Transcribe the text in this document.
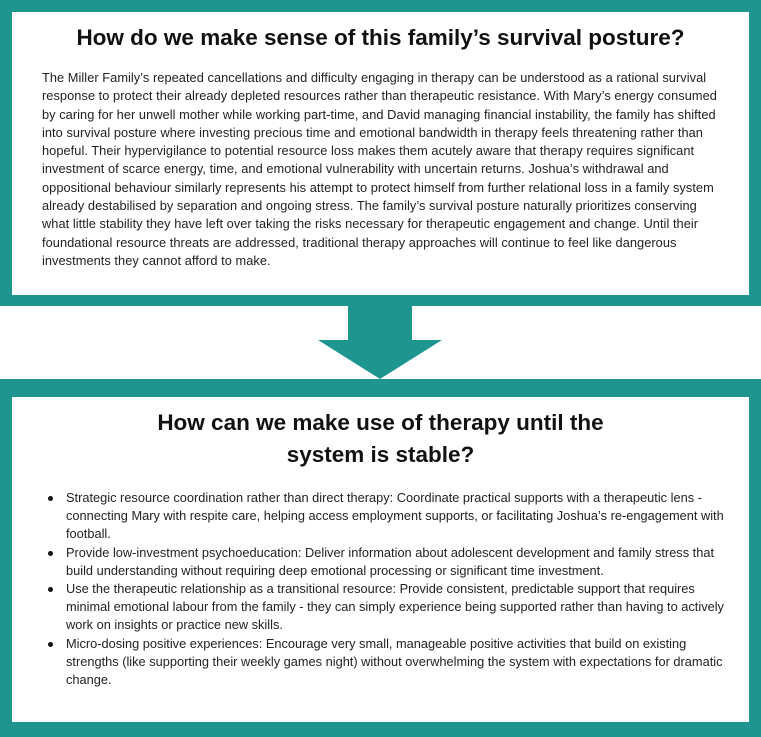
How do we make sense of this family’s survival posture?

The Miller Family’s repeated cancellations and difficulty engaging in therapy can be understood as a rational survival response to protect their already depleted resources rather than therapeutic resistance. With Mary’s energy consumed by caring for her unwell mother while working part-time, and David managing financial instability, the family has shifted into survival posture where investing precious time and emotional bandwidth in therapy feels threatening rather than hopeful. Their hypervigilance to potential resource loss makes them acutely aware that therapy requires significant investment of scarce energy, time, and emotional vulnerability with uncertain returns. Joshua’s withdrawal and oppositional behaviour similarly represents his attempt to protect himself from further relational loss in a family system already destabilised by separation and ongoing stress. The family’s survival posture naturally prioritizes conserving what little stability they have left over taking the risks necessary for therapeutic engagement and change. Until their foundational resource threats are addressed, traditional therapy approaches will continue to feel like dangerous investments they cannot afford to make.

How can we make use of therapy until the
system is stable?
Strategic resource coordination rather than direct therapy: Coordinate practical supports with a therapeutic lens - connecting Mary with respite care, helping access employment supports, or facilitating Joshua’s re-engagement with football.
Provide low-investment psychoeducation: Deliver information about adolescent development and family stress that build understanding without requiring deep emotional processing or significant time investment.
Use the therapeutic relationship as a transitional resource: Provide consistent, predictable support that requires minimal emotional labour from the family - they can simply experience being supported rather than having to actively work on insights or practice new skills.
Micro-dosing positive experiences: Encourage very small, manageable positive activities that build on existing strengths (like supporting their weekly games night) without overwhelming the system with expectations for dramatic change.
